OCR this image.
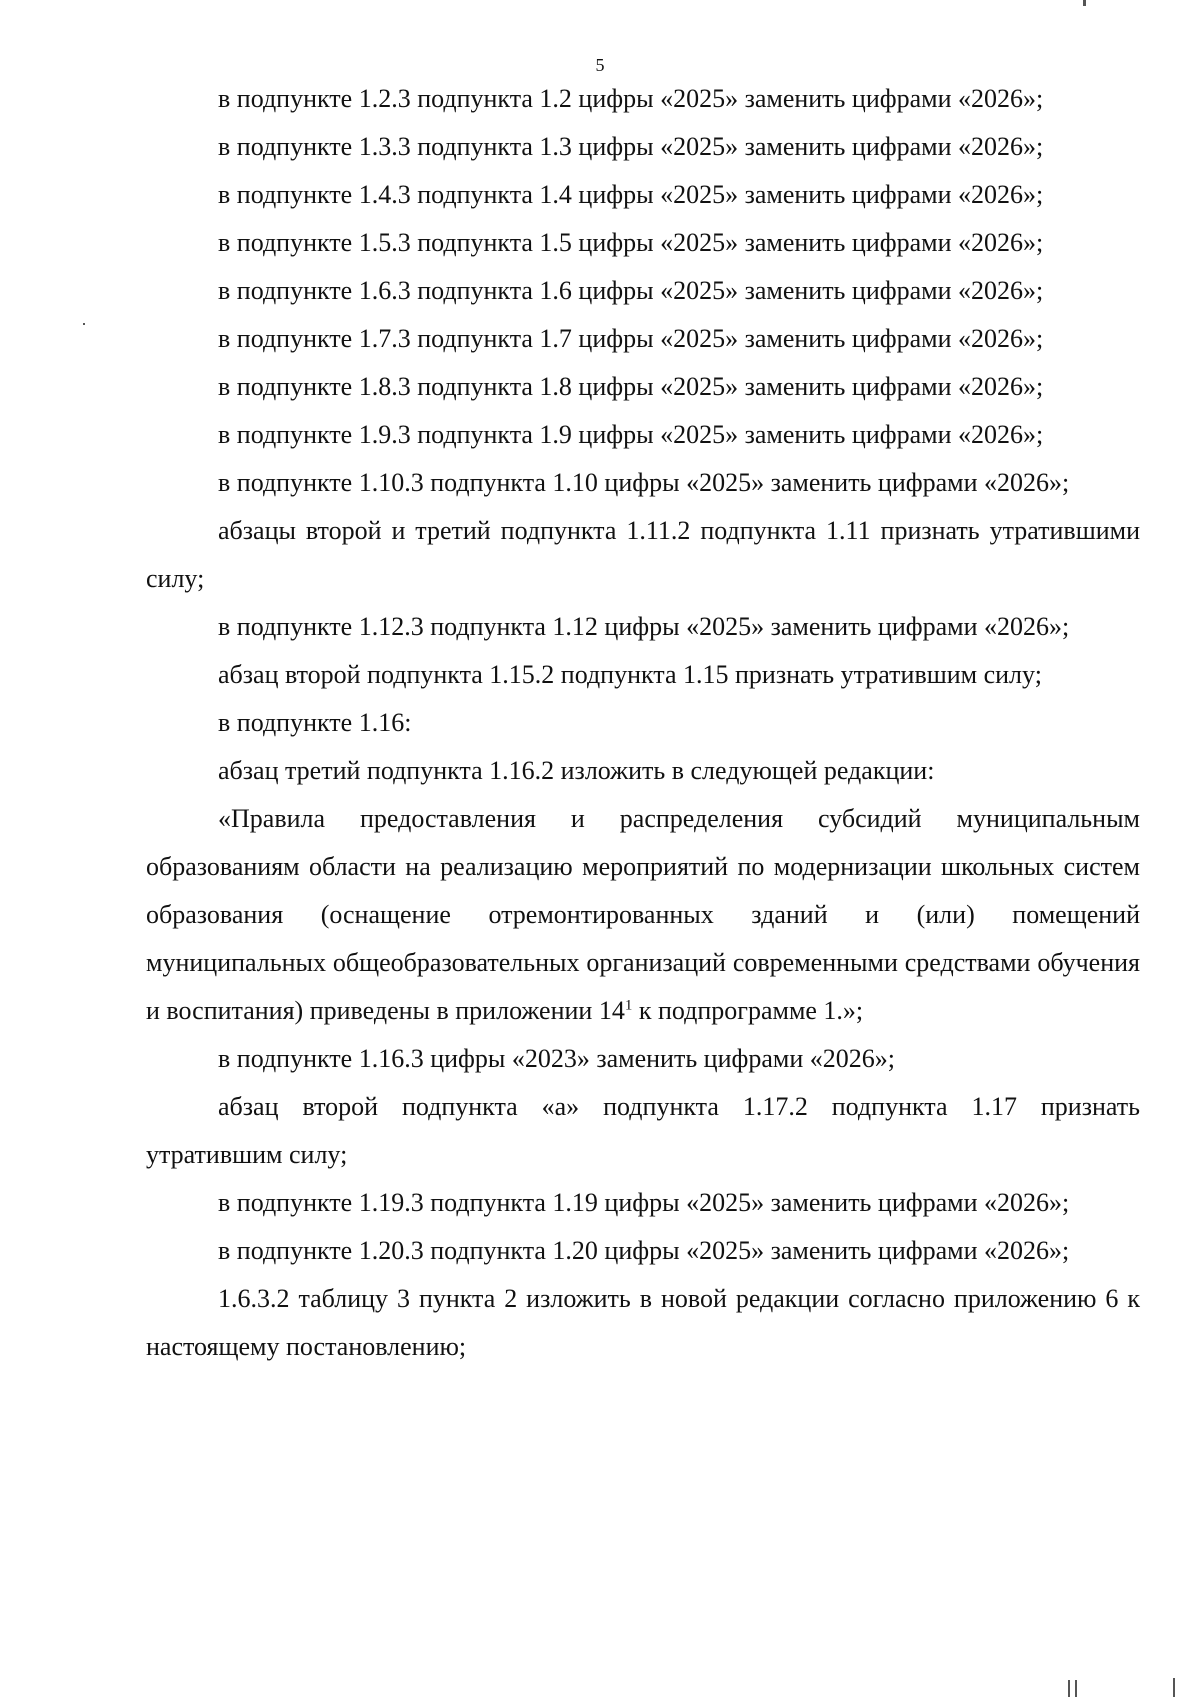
5

в подпункте 1.2.3 подпункта 1.2 цифры «2025» заменить цифрами «2026»;

в подпункте 1.3.3 подпункта 1.3 цифры «2025» заменить цифрами «2026»;

в подпункте 1.4.3 подпункта 1.4 цифры «2025» заменить цифрами «2026»;

в подпункте 1.5.3 подпункта 1.5 цифры «2025» заменить цифрами «2026»;

в подпункте 1.6.3 подпункта 1.6 цифры «2025» заменить цифрами «2026»;

в подпункте 1.7.3 подпункта 1.7 цифры «2025» заменить цифрами «2026»;

в подпункте 1.8.3 подпункта 1.8 цифры «2025» заменить цифрами «2026»;

в подпункте 1.9.3 подпункта 1.9 цифры «2025» заменить цифрами «2026»;

в подпункте 1.10.3 подпункта 1.10 цифры «2025» заменить цифрами «2026»;

абзацы второй и третий подпункта 1.11.2 подпункта 1.11 признать утратившими силу;

в подпункте 1.12.3 подпункта 1.12 цифры «2025» заменить цифрами «2026»;

абзац второй подпункта 1.15.2 подпункта 1.15 признать утратившим силу;

в подпункте 1.16:

абзац третий подпункта 1.16.2 изложить в следующей редакции:

«Правила предоставления и распределения субсидий муниципальным образованиям области на реализацию мероприятий по модернизации школьных систем образования (оснащение отремонтированных зданий и (или) помещений муниципальных общеобразовательных организаций современными средствами обучения и воспитания) приведены в приложении $14^1$ к подпрограмме 1.»;

в подпункте 1.16.3 цифры «2023» заменить цифрами «2026»;

абзац второй подпункта «а» подпункта 1.17.2 подпункта 1.17 признать утратившим силу;

в подпункте 1.19.3 подпункта 1.19 цифры «2025» заменить цифрами «2026»;

в подпункте 1.20.3 подпункта 1.20 цифры «2025» заменить цифрами «2026»;

1.6.3.2 таблицу 3 пункта 2 изложить в новой редакции согласно приложению 6 к настоящему постановлению;
